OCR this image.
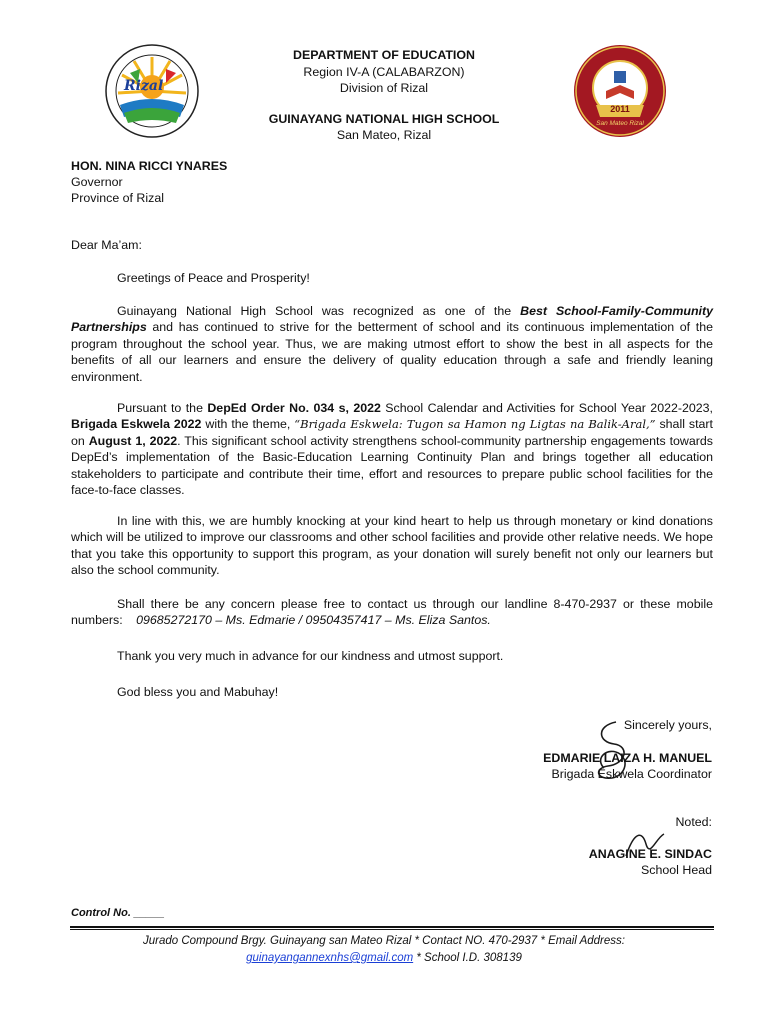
Rizal
2011
San Mateo Rizal
DEPARTMENT OF EDUCATION
Region IV-A (CALABARZON)
Division of Rizal
GUINAYANG NATIONAL HIGH SCHOOL
San Mateo, Rizal
HON. NINA RICCI YNARES
Governor
Province of Rizal
Dear Ma’am:
Greetings of Peace and Prosperity!
Guinayang National High School was recognized as one of the Best School-Family-Community Partnerships and has continued to strive for the betterment of school and its continuous implementation of the program throughout the school year. Thus, we are making utmost effort to show the best in all aspects for the benefits of all our learners and ensure the delivery of quality education through a safe and friendly leaning environment.
Pursuant to the DepEd Order No. 034 s, 2022 School Calendar and Activities for School Year 2022-2023, Brigada Eskwela 2022 with the theme, “Brigada Eskwela: Tugon sa Hamon ng Ligtas na Balik-Aral,” shall start on August 1, 2022. This significant school activity strengthens school-community partnership engagements towards DepEd’s implementation of the Basic-Education Learning Continuity Plan and brings together all education stakeholders to participate and contribute their time, effort and resources to prepare public school facilities for the face-to-face classes.
In line with this, we are humbly knocking at your kind heart to help us through monetary or kind donations which will be utilized to improve our classrooms and other school facilities and provide other relative needs. We hope that you take this opportunity to support this program, as your donation will surely benefit not only our learners but also the school community.
Shall there be any concern please free to contact us through our landline 8-470-2937 or these mobile numbers: 09685272170 – Ms. Edmarie / 09504357417 – Ms. Eliza Santos.
Thank you very much in advance for our kindness and utmost support.
God bless you and Mabuhay!
Sincerely yours,
EDMARIE LAIZA H. MANUEL
Brigada Eskwela Coordinator
Noted:
ANAGINE E. SINDAC
School Head
Control No. _____
Jurado Compound Brgy. Guinayang san Mateo Rizal * Contact NO. 470-2937 * Email Address:
guinayangannexnhs@gmail.com * School I.D. 308139
